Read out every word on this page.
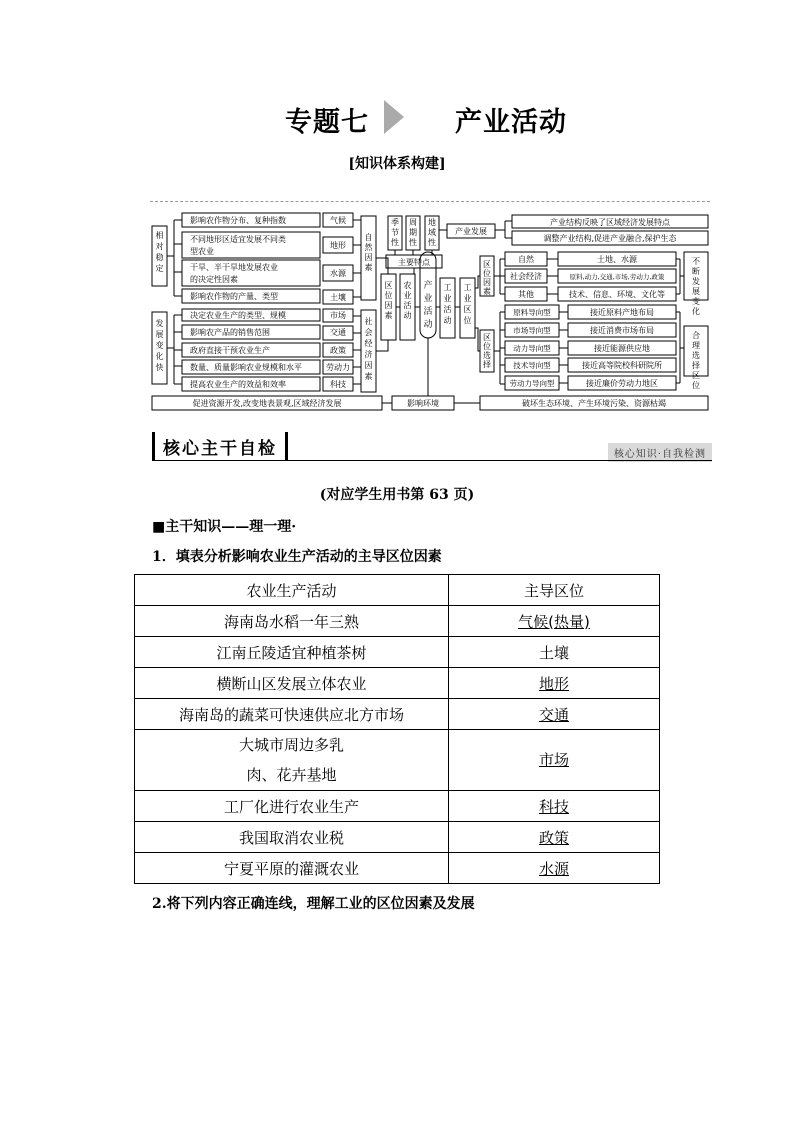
专题七	产业活动
[知识体系构建]
相对稳定
发展变化快
影响农作物分布、复种指数	气候
不同地形区适宜发展不同类
型农业
地形
干旱、半干旱地发展农业
的决定性因素
水源
影响农作物的产量、类型	土壤
自然因素
决定农业生产的类型、规模	市场
影响农产品的销售范围	交通
政府直接干预农业生产	政策
数量、质量影响农业规模和水平	劳动力
提高农业生产的效益和效率	科技
社会经济因素
区位因素
农业活动
季节性
周期性
地域性
主要特点
产业活动
产业发展
产业结构反映了区域经济发展特点
调整产业结构,促进产业融合,保护生态
工业活动
工业区位
区位因素
区位选择
自然	土地、水源
社会经济	原料,动力,交通,市场,劳动力,政策
其他	技术、信息、环境、文化等
不断发展变化
原料导向型	接近原料产地布局
市场导向型	接近消费市场布局
动力导向型	接近能源供应地
技术导向型	接近高等院校科研院所
劳动力导向型	接近廉价劳动力地区
合理选择区位
促进资源开发,改变地表景观,区域经济发展	影响环境	破坏生态环境、产生环境污染、资源枯竭
核心主干自检	核心知识·自我检测
(对应学生用书第 63 页)
■主干知识——理一理·
1．填表分析影响农业生产活动的主导区位因素
农业生产活动	主导区位
海南岛水稻一年三熟	气候(热量)
江南丘陵适宜种植茶树	土壤
横断山区发展立体农业	地形
海南岛的蔬菜可快速供应北方市场	交通

大城市周边多乳
肉、花卉基地	市场
工厂化进行农业生产	科技
我国取消农业税	政策
宁夏平原的灌溉农业	水源
2.将下列内容正确连线，理解工业的区位因素及发展
